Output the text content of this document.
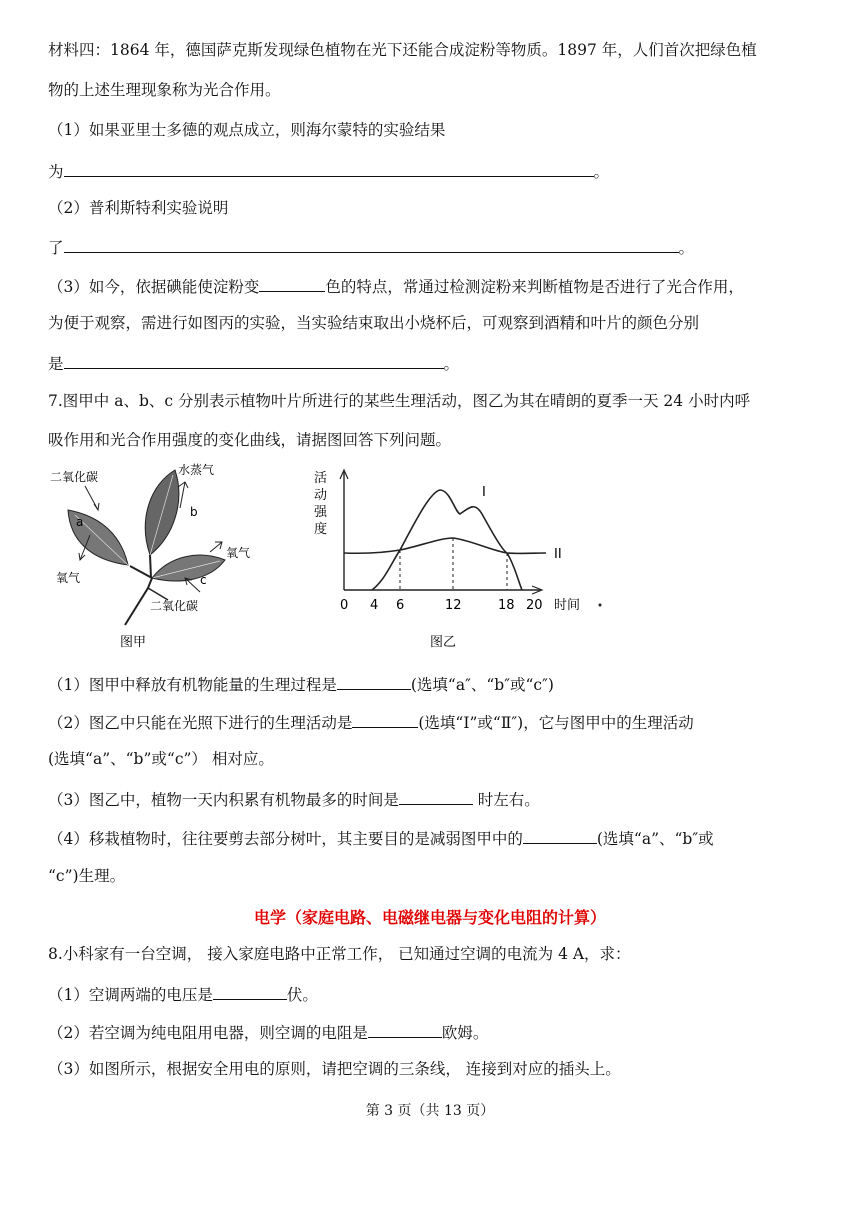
材料四：1864 年，德国萨克斯发现绿色植物在光下还能合成淀粉等物质。1897 年，人们首次把绿色植
物的上述生理现象称为光合作用。
（1）如果亚里士多德的观点成立，则海尔蒙特的实验结果
为	。
（2）普利斯特利实验说明
了	。
（3）如今，依据碘能使淀粉变	色的特点，常通过检测淀粉来判断植物是否进行了光合作用，
为便于观察，需进行如图丙的实验，当实验结束取出小烧杯后，可观察到酒精和叶片的颜色分别
是	。
7.图甲中 a、b、c 分别表示植物叶片所进行的某些生理活动，图乙为其在晴朗的夏季一天 24 小时内呼
吸作用和光合作用强度的变化曲线，请据图回答下列问题。
二氧化碳	水蒸气
a
b
c
氧气
氧气
二氧化碳
图甲
活
动
强
度
I
II
0 4 6	12	18 20 时间
图乙
（1）图甲中释放有机物能量的生理过程是	(选填“a″、“b″或“c″)
（2）图乙中只能在光照下进行的生理活动是	(选填“Ⅰ”或“Ⅱ″)，它与图甲中的生理活动
(选填“a”、“b”或“c”） 相对应。
（3）图乙中，植物一天内积累有机物最多的时间是	时左右。
（4）移栽植物时，往往要剪去部分树叶，其主要目的是减弱图甲中的	(选填“a”、“b″或
“c”)生理。
电学（家庭电路、电磁继电器与变化电阻的计算）
8.小科家有一台空调， 接入家庭电路中正常工作， 已知通过空调的电流为 4 A，求：
（1）空调两端的电压是	伏。
（2）若空调为纯电阻用电器，则空调的电阻是	欧姆。
（3）如图所示，根据安全用电的原则，请把空调的三条线， 连接到对应的插头上。
第 3 页（共 13 页）
